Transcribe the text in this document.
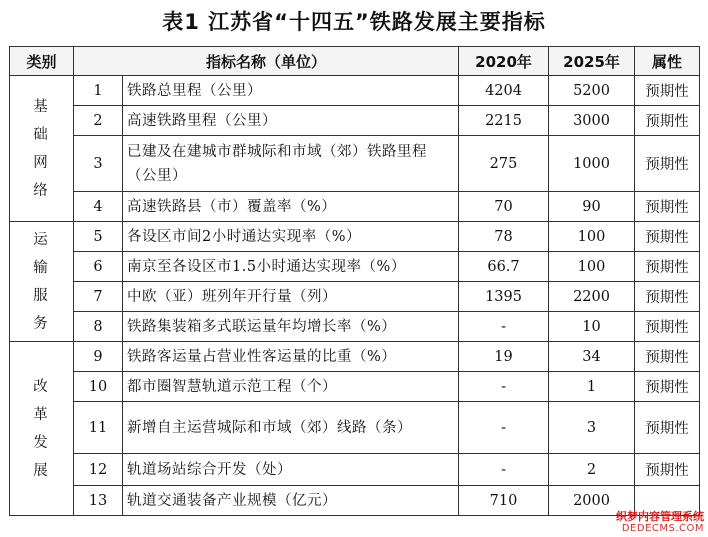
表1 江苏省“十四五”铁路发展主要指标
类别	指标名称（单位）		2020年	2025年	属性

基础网络	1	铁路总里程（公里）	4204	5200	预期性
	2	高速铁路里程（公里）	2215	3000	预期性
	3	已建及在建城市群城际和市域（郊）铁路里程（公里）	275	1000	预期性
	4	高速铁路县（市）覆盖率（%）	70	90	预期性

运输服务	5	各设区市间2小时通达实现率（%）	78	100	预期性
	6	南京至各设区市1.5小时通达实现率（%）	66.7	100	预期性
	7	中欧（亚）班列年开行量（列）	1395	2200	预期性
	8	铁路集装箱多式联运量年均增长率（%）	-	10	预期性

改革发展	9	铁路客运量占营业性客运量的比重（%）	19	34	预期性
	10	都市圈智慧轨道示范工程（个）	-	1	预期性
	11	新增自主运营城际和市域（郊）线路（条）	-	3	预期性
	12	轨道场站综合开发（处）	-	2	预期性
	13	轨道交通装备产业规模（亿元）	710	2000	
织梦内容管理系统
DEDECMS.COM
